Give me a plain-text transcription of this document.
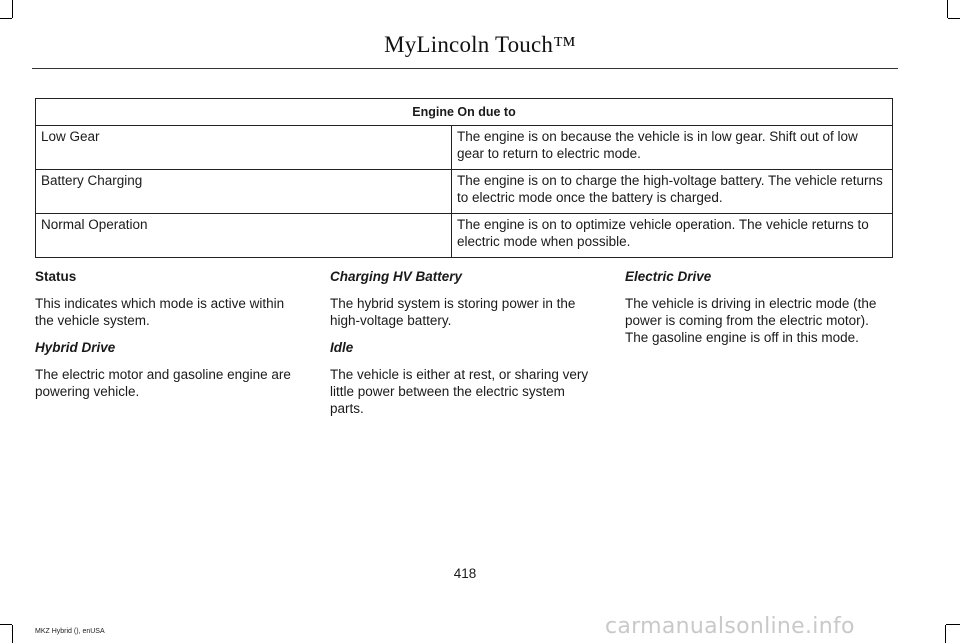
MyLincoln Touch™
Engine On due to	
Low Gear	The engine is on because the vehicle is in low gear. Shift out of low gear to return to electric mode.
Battery Charging	The engine is on to charge the high-voltage battery. The vehicle returns to electric mode once the battery is charged.
Normal Operation	The engine is on to optimize vehicle operation. The vehicle returns to electric mode when possible.
Status

This indicates which mode is active within the vehicle system.

Hybrid Drive

The electric motor and gasoline engine are powering vehicle.

Charging HV Battery

The hybrid system is storing power in the high-voltage battery.

Idle

The vehicle is either at rest, or sharing very little power between the electric system parts.

Electric Drive

The vehicle is driving in electric mode (the power is coming from the electric motor). The gasoline engine is off in this mode.

418
MKZ Hybrid (), enUSA	carmanualsonline.info
